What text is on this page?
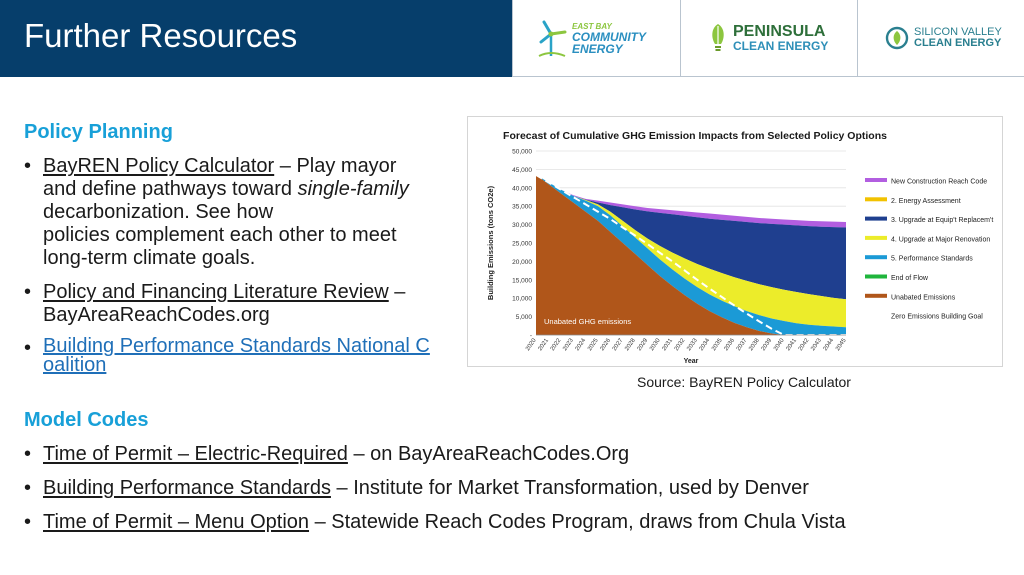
Further Resources	EAST BAY
COMMUNITY
ENERGY
PENINSULA
CLEAN ENERGY
SILICON VALLEY
CLEAN ENERGY
Policy Planning
• BayREN Policy Calculator – Play mayor
and define pathways toward single-family
decarbonization. See how
policies complement each other to meet
long-term climate goals.
• Policy and Financing Literature Review –
BayAreaReachCodes.org
• Building Performance Standards National C
oalition
Model Codes
• Time of Permit – Electric-Required – on BayAreaReachCodes.Org
• Building Performance Standards – Institute for Market Transformation, used by Denver
• Time of Permit – Menu Option – Statewide Reach Codes Program, draws from Chula Vista
Forecast of Cumulative GHG Emission Impacts from Selected Policy Options
-
5,000
10,000
15,000
20,000
25,000
30,000
35,000
40,000
45,000
50,000
Unabated GHG emissions
2020 2021 2022 2023 2024 2025 2026 2027 2028 2029 2030 2031 2032 2033 2034 2035 2036 2037 2038 2039 2040 2041 2042 2043 2044 2045
Year
Building Emissions (tons CO2e)
New Construction Reach Code
2. Energy Assessment
3. Upgrade at Equip't Replacem't
4. Upgrade at Major Renovation
5. Performance Standards
End of Flow
Unabated Emissions
Zero Emissions Building Goal
Source: BayREN Policy Calculator
